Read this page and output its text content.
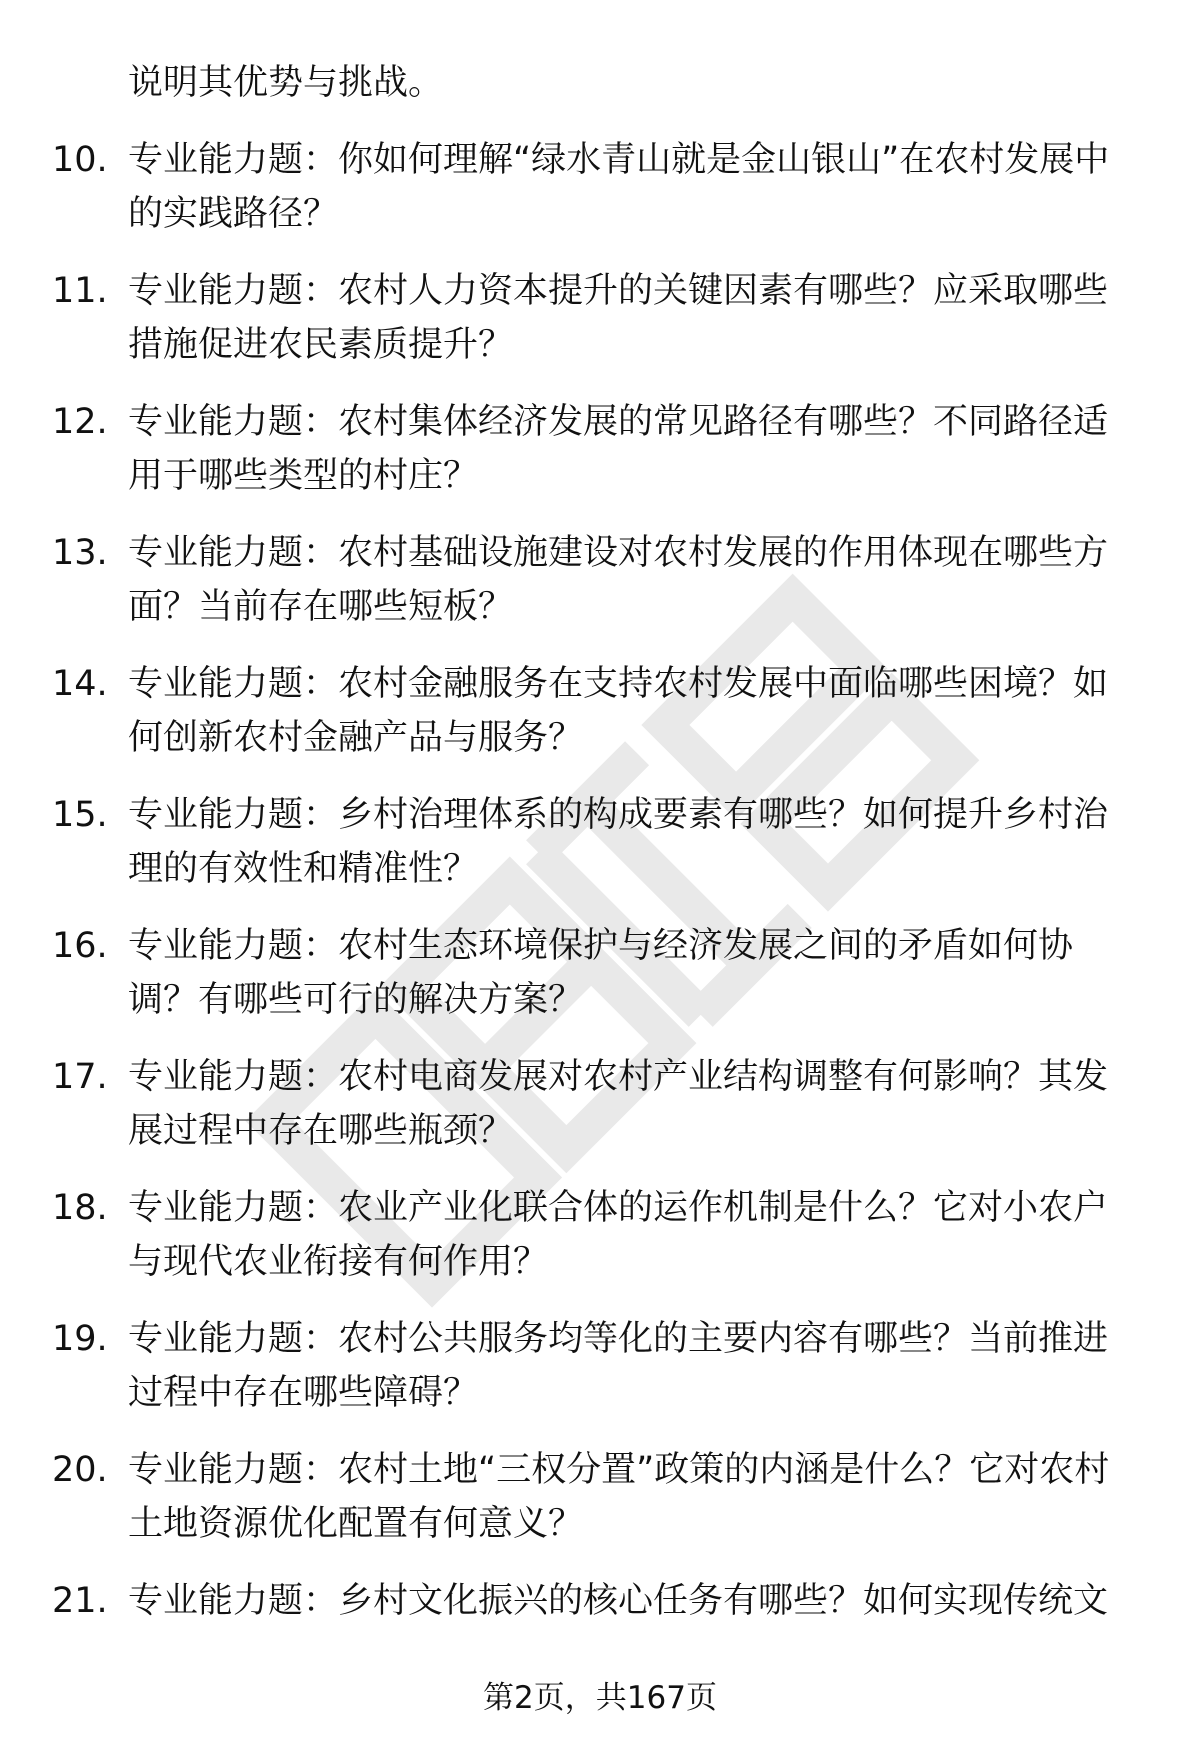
说明其优势与挑战。
10. 专业能力题：你如何理解“绿水青山就是金山银山”在农村发展中的实践路径？
11. 专业能力题：农村人力资本提升的关键因素有哪些？应采取哪些措施促进农民素质提升？
12. 专业能力题：农村集体经济发展的常见路径有哪些？不同路径适用于哪些类型的村庄？
13. 专业能力题：农村基础设施建设对农村发展的作用体现在哪些方面？当前存在哪些短板？
14. 专业能力题：农村金融服务在支持农村发展中面临哪些困境？如何创新农村金融产品与服务？
15. 专业能力题：乡村治理体系的构成要素有哪些？如何提升乡村治理的有效性和精准性？
16. 专业能力题：农村生态环境保护与经济发展之间的矛盾如何协调？有哪些可行的解决方案？
17. 专业能力题：农村电商发展对农村产业结构调整有何影响？其发展过程中存在哪些瓶颈？
18. 专业能力题：农业产业化联合体的运作机制是什么？它对小农户与现代农业衔接有何作用？
19. 专业能力题：农村公共服务均等化的主要内容有哪些？当前推进过程中存在哪些障碍？
20. 专业能力题：农村土地“三权分置”政策的内涵是什么？它对农村土地资源优化配置有何意义？
21. 专业能力题：乡村文化振兴的核心任务有哪些？如何实现传统文
第2页，共167页
